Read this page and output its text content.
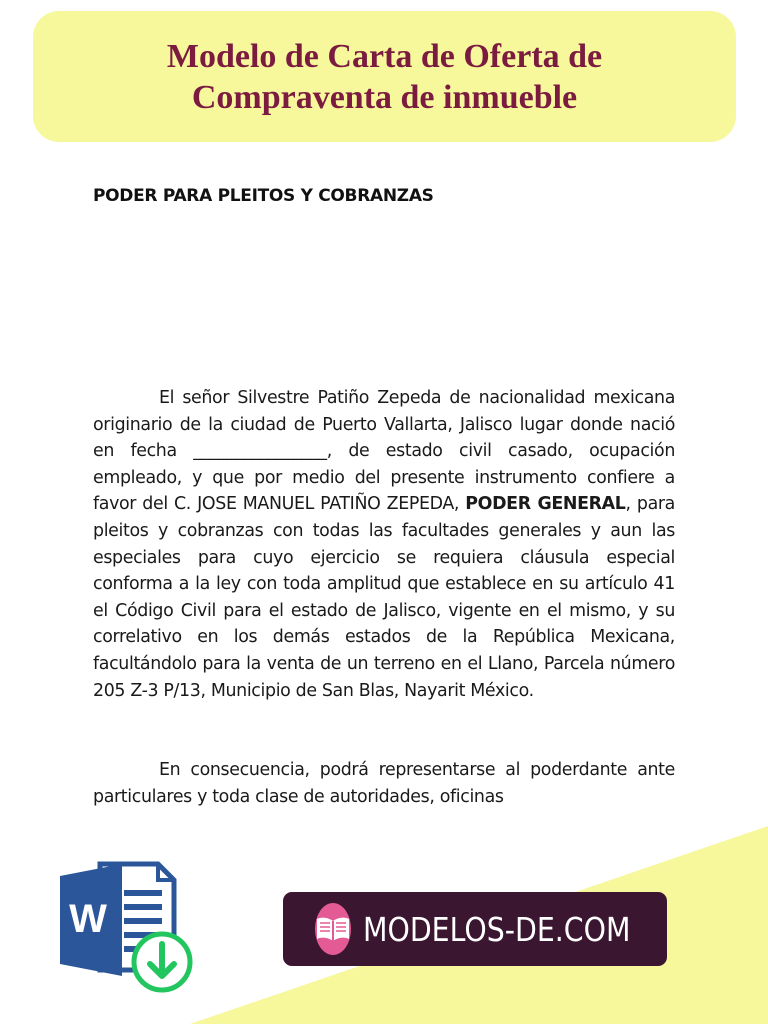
Modelo de Carta de Oferta de
Compraventa de inmueble
PODER PARA PLEITOS Y COBRANZAS

El señor Silvestre Patiño Zepeda de nacionalidad mexicana originario de la ciudad de Puerto Vallarta, Jalisco lugar donde nació en fecha ________________, de estado civil casado, ocupación empleado, y que por medio del presente instrumento confiere a favor del C. JOSE MANUEL PATIÑO ZEPEDA, PODER GENERAL, para pleitos y cobranzas con todas las facultades generales y aun las especiales para cuyo ejercicio se requiera cláusula especial conforma a la ley con toda amplitud que establece en su artículo 41 el Código Civil para el estado de Jalisco, vigente en el mismo, y su correlativo en los demás estados de la República Mexicana, facultándolo para la venta de un terreno en el Llano, Parcela número 205 Z-3 P/13, Municipio de San Blas, Nayarit México.

En consecuencia, podrá representarse al poderdante ante particulares y toda clase de autoridades, oficinas

W	MODELOS-DE.COM
